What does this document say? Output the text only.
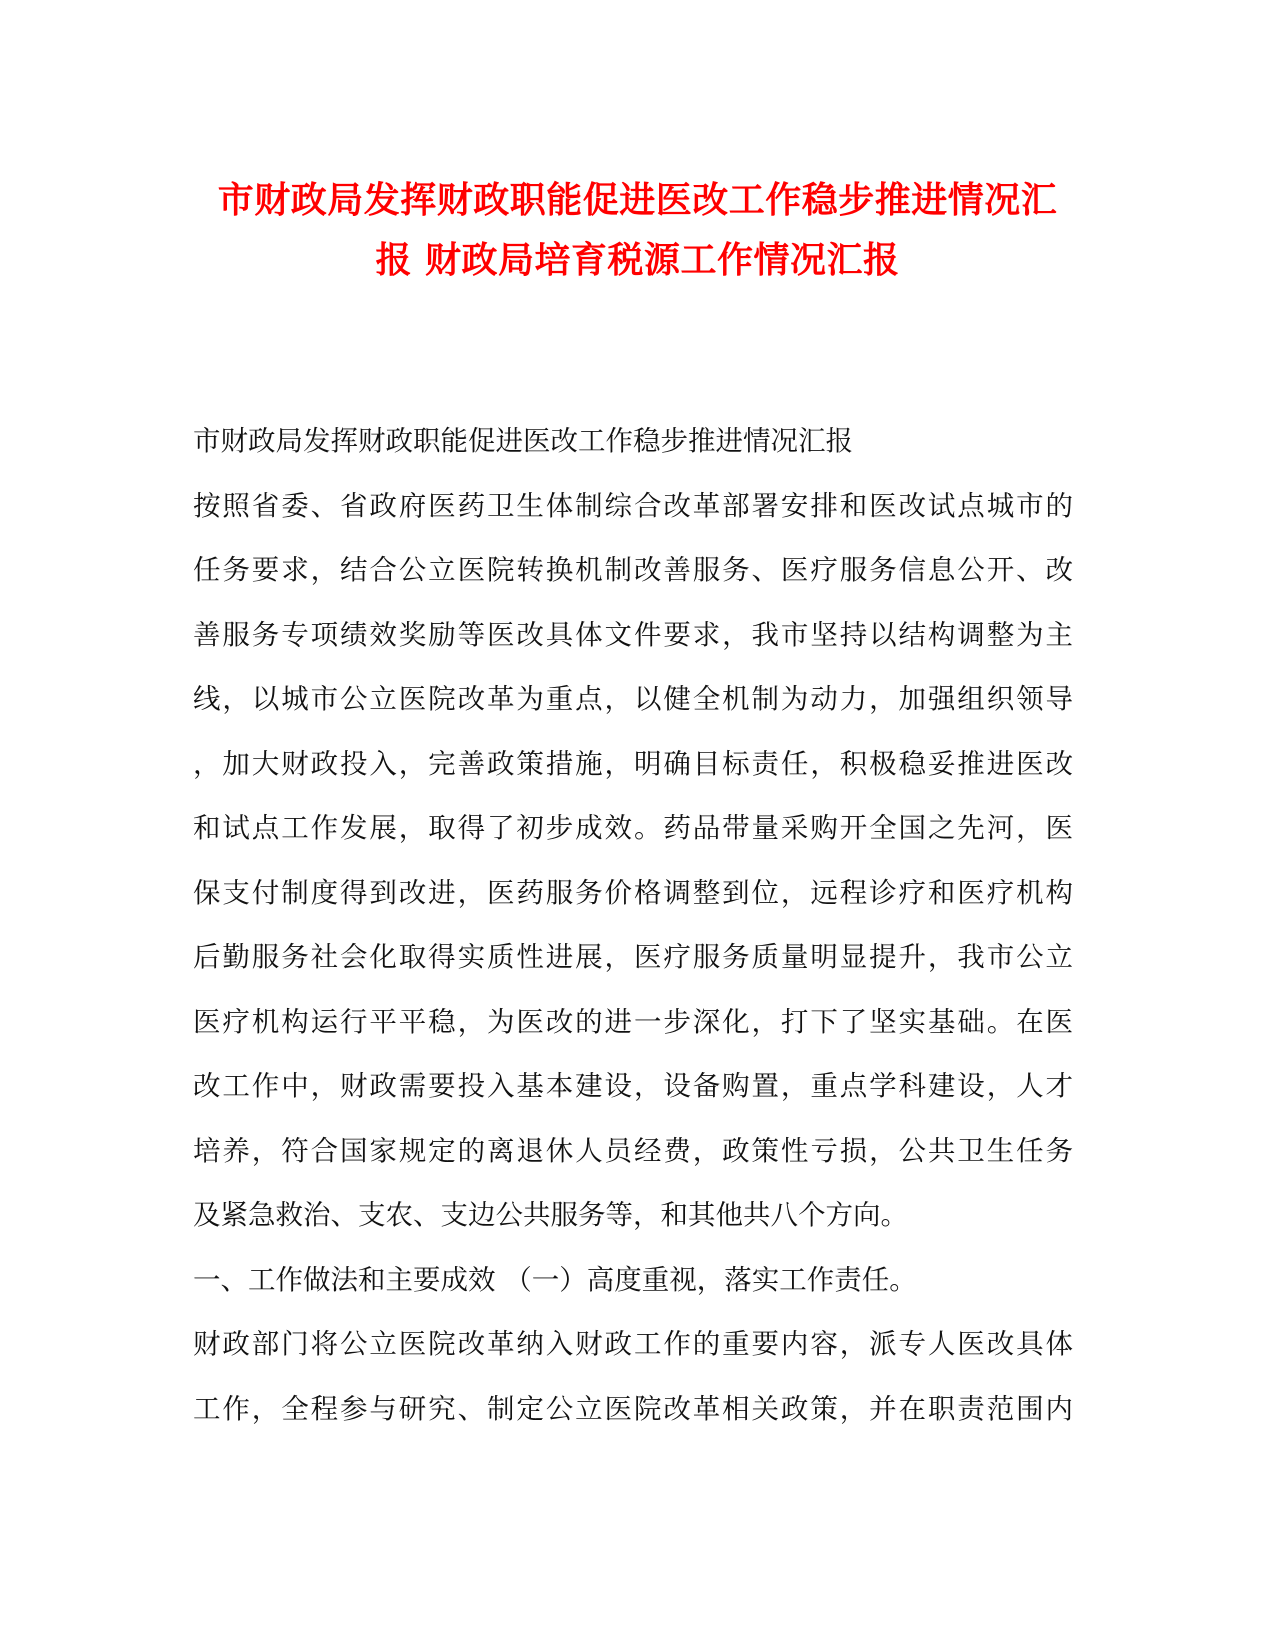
市财政局发挥财政职能促进医改工作稳步推进情况汇
报 财政局培育税源工作情况汇报
市财政局发挥财政职能促进医改工作稳步推进情况汇报
按照省委、省政府医药卫生体制综合改革部署安排和医改试点城市的
任务要求，结合公立医院转换机制改善服务、医疗服务信息公开、改
善服务专项绩效奖励等医改具体文件要求，我市坚持以结构调整为主
线，以城市公立医院改革为重点，以健全机制为动力，加强组织领导
，加大财政投入，完善政策措施，明确目标责任，积极稳妥推进医改
和试点工作发展，取得了初步成效。药品带量采购开全国之先河，医
保支付制度得到改进，医药服务价格调整到位，远程诊疗和医疗机构
后勤服务社会化取得实质性进展，医疗服务质量明显提升，我市公立
医疗机构运行平平稳，为医改的进一步深化，打下了坚实基础。在医
改工作中，财政需要投入基本建设，设备购置，重点学科建设，人才
培养，符合国家规定的离退休人员经费，政策性亏损，公共卫生任务
及紧急救治、支农、支边公共服务等，和其他共八个方向。
一、工作做法和主要成效 （一）高度重视，落实工作责任。
财政部门将公立医院改革纳入财政工作的重要内容，派专人医改具体
工作，全程参与研究、制定公立医院改革相关政策，并在职责范围内
